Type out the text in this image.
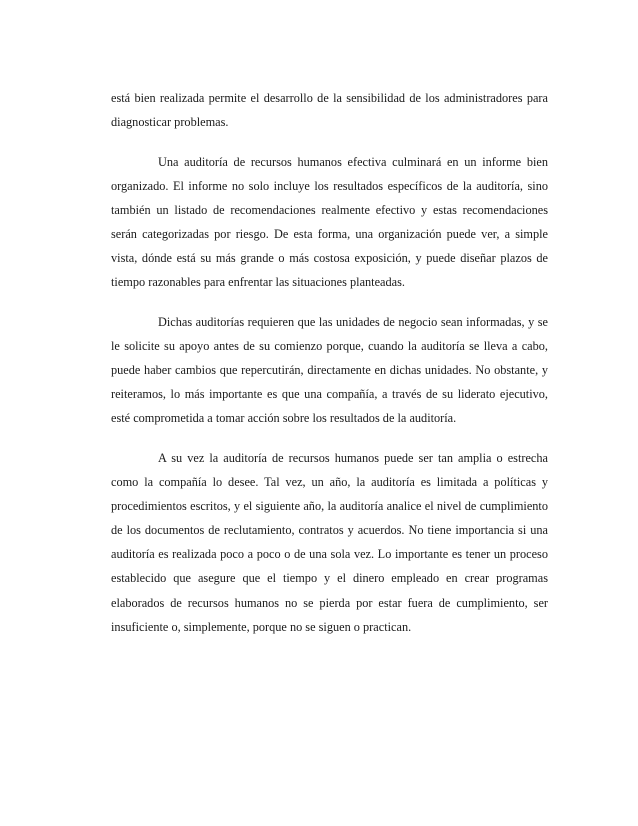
está bien realizada permite el desarrollo de la sensibilidad de los administradores para diagnosticar problemas.

Una auditoría de recursos humanos efectiva culminará en un informe bien organizado. El informe no solo incluye los resultados específicos de la auditoría, sino también un listado de recomendaciones realmente efectivo y estas recomendaciones serán categorizadas por riesgo. De esta forma, una organización puede ver, a simple vista, dónde está su más grande o más costosa exposición, y puede diseñar plazos de tiempo razonables para enfrentar las situaciones planteadas.

Dichas auditorías requieren que las unidades de negocio sean informadas, y se le solicite su apoyo antes de su comienzo porque, cuando la auditoría se lleva a cabo, puede haber cambios que repercutirán, directamente en dichas unidades. No obstante, y reiteramos, lo más importante es que una compañía, a través de su liderato ejecutivo, esté comprometida a tomar acción sobre los resultados de la auditoría.

A su vez la auditoría de recursos humanos puede ser tan amplia o estrecha como la compañía lo desee. Tal vez, un año, la auditoría es limitada a políticas y procedimientos escritos, y el siguiente año, la auditoría analice el nivel de cumplimiento de los documentos de reclutamiento, contratos y acuerdos. No tiene importancia si una auditoría es realizada poco a poco o de una sola vez. Lo importante es tener un proceso establecido que asegure que el tiempo y el dinero empleado en crear programas elaborados de recursos humanos no se pierda por estar fuera de cumplimiento, ser insuficiente o, simplemente, porque no se siguen o practican.
